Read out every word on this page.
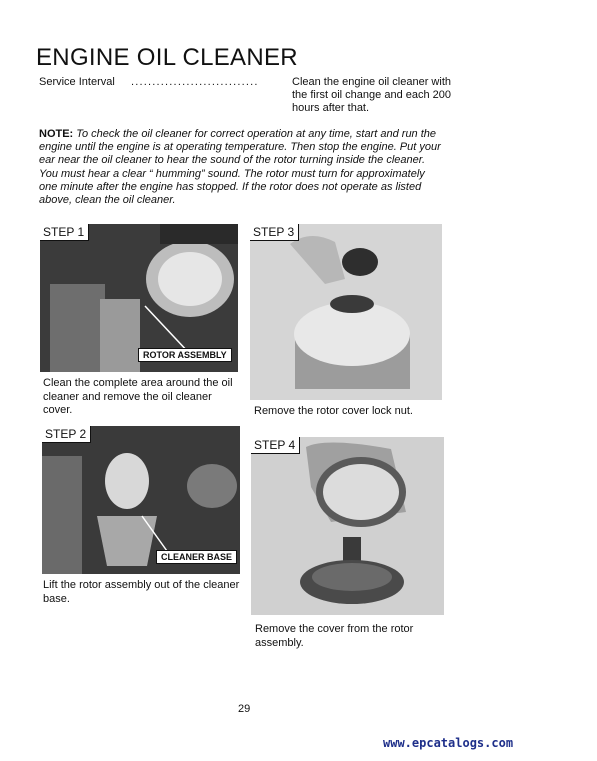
ENGINE OIL CLEANER
Service Interval ..............................	Clean the engine oil cleaner with the first oil change and each 200 hours after that.
NOTE: To check the oil cleaner for correct operation at any time, start and run the engine until the engine is at operating temperature. Then stop the engine. Put your ear near the oil cleaner to hear the sound of the rotor turning inside the cleaner. You must hear a clear “ humming” sound. The rotor must turn for approximately one minute after the engine has stopped. If the rotor does not operate as listed above, clean the oil cleaner.
STEP 1
ROTOR ASSEMBLY
Clean the complete area around the oil cleaner and remove the oil cleaner cover.
STEP 2
CLEANER BASE
Lift the rotor assembly out of the cleaner base.
STEP 3
Remove the rotor cover lock nut.
STEP 4
Remove the cover from the rotor assembly.
29
www.epcatalogs.com
